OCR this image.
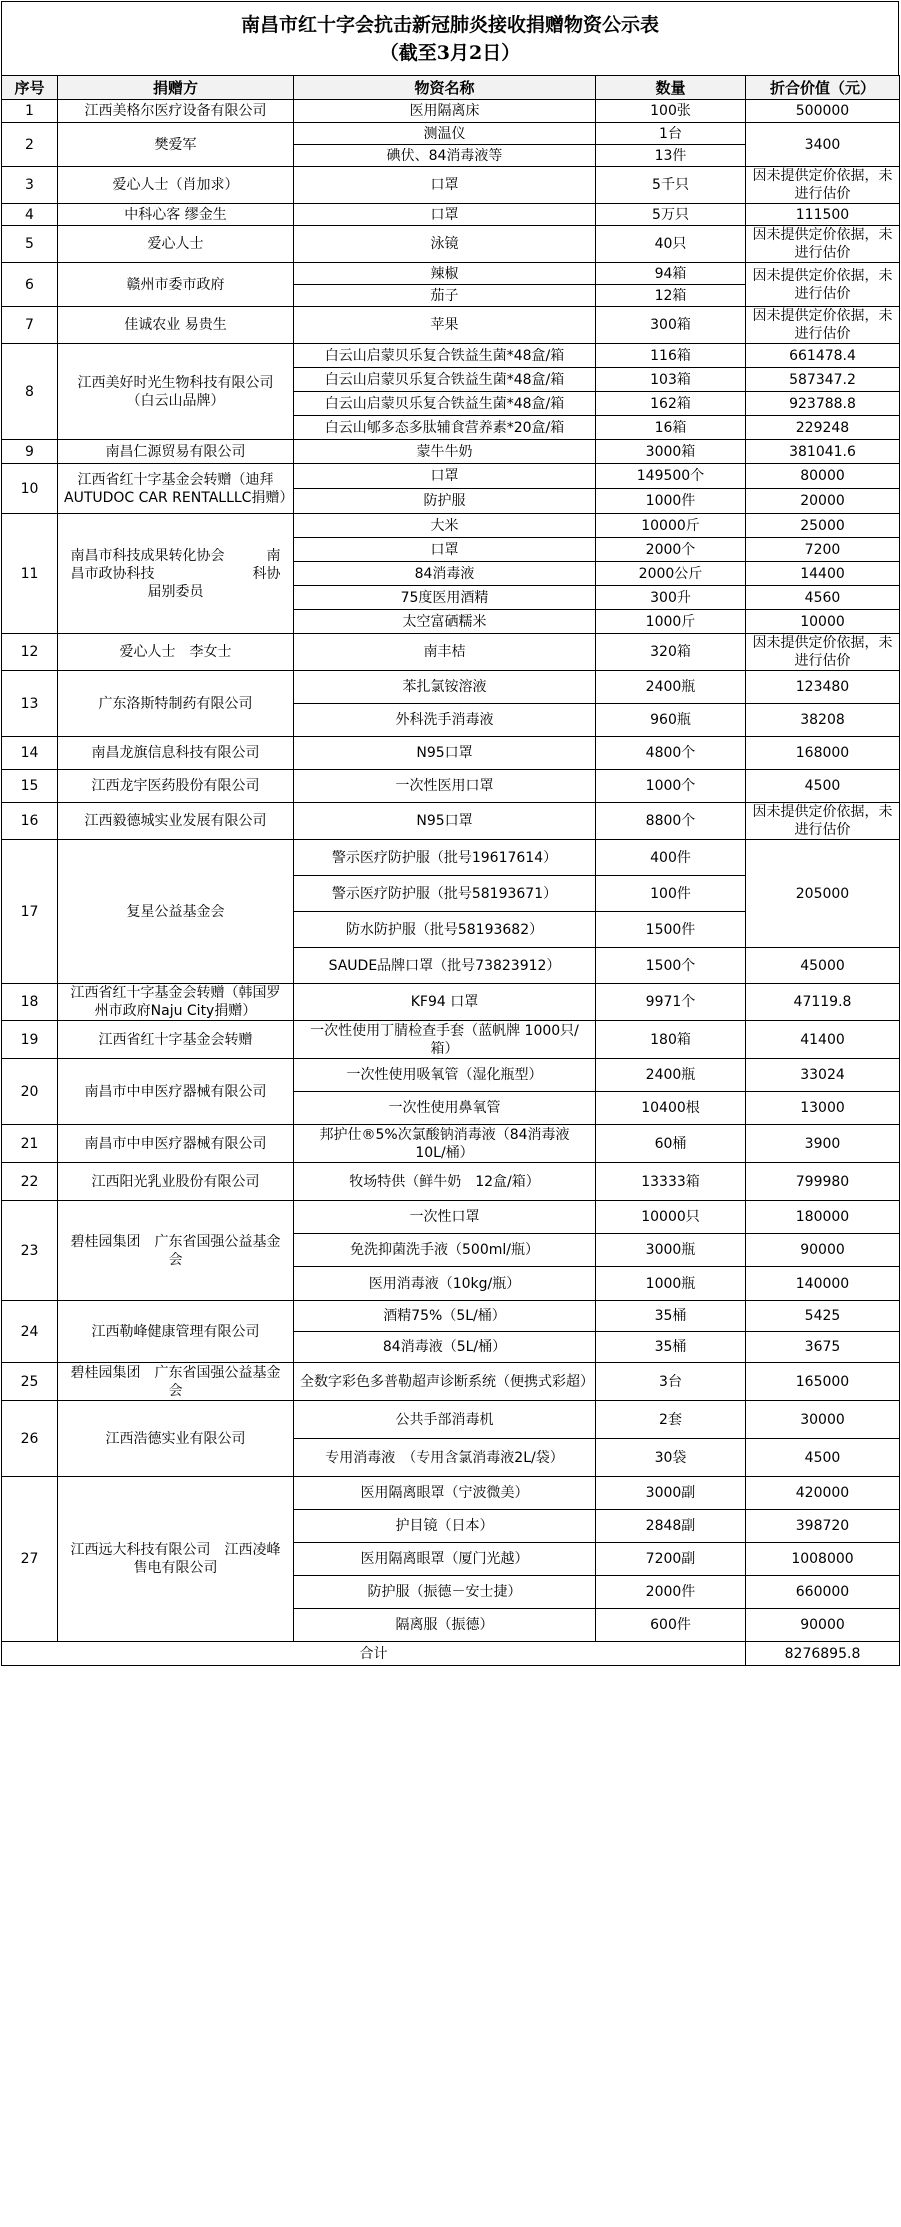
南昌市红十字会抗击新冠肺炎接收捐赠物资公示表
（截至3月2日）
序号	捐赠方	物资名称	数量	折合价值（元）
1	江西美格尔医疗设备有限公司	医用隔离床	100张	500000
2	樊爱军	测温仪	1台	3400
		碘伏、84消毒液等	13件	
3	爱心人士（肖加求）	口罩	5千只	因未提供定价依据，未进行估价
4	中科心客 缪金生	口罩	5万只	111500
5	爱心人士	泳镜	40只	因未提供定价依据，未进行估价
6	赣州市委市政府	辣椒	94箱	因未提供定价依据，未进行估价
		茄子	12箱	
7	佳诚农业 易贵生	苹果	300箱	因未提供定价依据，未进行估价
8	江西美好时光生物科技有限公司（白云山品牌）	白云山启蒙贝乐复合铁益生菌*48盒/箱	116箱	661478.4
		白云山启蒙贝乐复合铁益生菌*48盒/箱	103箱	587347.2
		白云山启蒙贝乐复合铁益生菌*48盒/箱	162箱	923788.8
		白云山郇多态多肽辅食营养素*20盒/箱	16箱	229248
9	南昌仁源贸易有限公司	蒙牛牛奶	3000箱	381041.6
10	江西省红十字基金会转赠（迪拜AUTUDOC CAR RENTALLLC捐赠）	口罩	149500个	80000
		防护服	1000件	20000
11	南昌市科技成果转化协会　　　南昌市政协科技　　　　　　　科协届别委员	大米	10000斤	25000
		口罩	2000个	7200
		84消毒液	2000公斤	14400
		75度医用酒精	300升	4560
		太空富硒糯米	1000斤	10000
12	爱心人士　李女士	南丰桔	320箱	因未提供定价依据，未进行估价
13	广东洛斯特制药有限公司	苯扎氯铵溶液	2400瓶	123480
		外科洗手消毒液	960瓶	38208
14	南昌龙旗信息科技有限公司	N95口罩	4800个	168000
15	江西龙宇医药股份有限公司	一次性医用口罩	1000个	4500
16	江西毅德城实业发展有限公司	N95口罩	8800个	因未提供定价依据，未进行估价
17	复星公益基金会	警示医疗防护服（批号19617614）	400件	205000
		警示医疗防护服（批号58193671）	100件	
		防水防护服（批号58193682）	1500件	
		SAUDE品牌口罩（批号73823912）	1500个	45000
18	江西省红十字基金会转赠（韩国罗州市政府Naju City捐赠）	KF94 口罩	9971个	47119.8
19	江西省红十字基金会转赠	一次性使用丁腈检查手套（蓝帆牌 1000只/箱）	180箱	41400
20	南昌市中申医疗器械有限公司	一次性使用吸氧管（湿化瓶型）	2400瓶	33024
		一次性使用鼻氧管	10400根	13000
21	南昌市中申医疗器械有限公司	邦护仕®5%次氯酸钠消毒液（84消毒液　10L/桶）	60桶	3900
22	江西阳光乳业股份有限公司	牧场特供（鲜牛奶　12盒/箱）	13333箱	799980
23	碧桂园集团　广东省国强公益基金会	一次性口罩	10000只	180000
		免洗抑菌洗手液（500ml/瓶）	3000瓶	90000
		医用消毒液（10kg/瓶）	1000瓶	140000
24	江西勒峰健康管理有限公司	酒精75%（5L/桶）	35桶	5425
		84消毒液（5L/桶）	35桶	3675
25	碧桂园集团　广东省国强公益基金会	全数字彩色多普勒超声诊断系统（便携式彩超）	3台	165000
26	江西浩德实业有限公司	公共手部消毒机	2套	30000
		专用消毒液　（专用含氯消毒液2L/袋）	30袋	4500
27	江西远大科技有限公司　江西凌峰售电有限公司	医用隔离眼罩（宁波微美）	3000副	420000
		护目镜（日本）	2848副	398720
		医用隔离眼罩（厦门光越）	7200副	1008000
		防护服（振德－安士捷）	2000件	660000
		隔离服（振德）	600件	90000
合计				8276895.8
